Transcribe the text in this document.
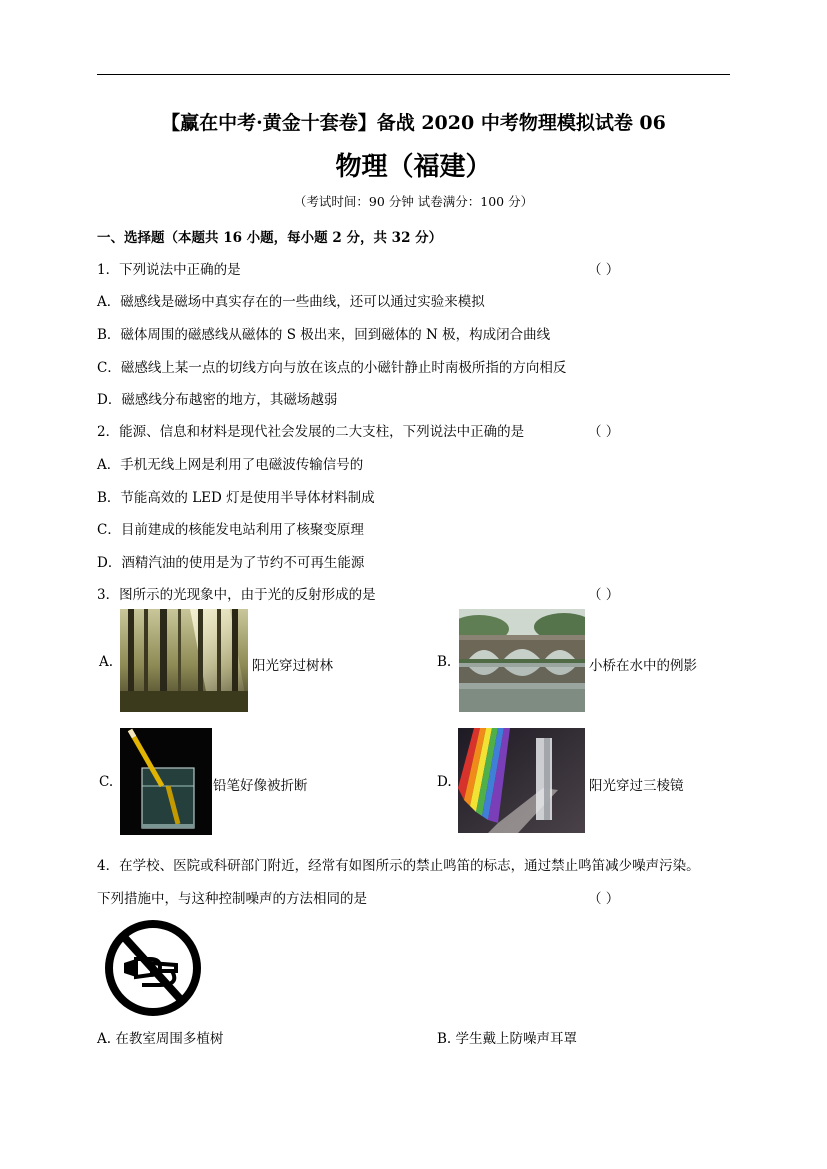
【赢在中考·黄金十套卷】备战 2020 中考物理模拟试卷 06
物理（福建）
（考试时间：90 分钟 试卷满分：100 分）
一、选择题（本题共 16 小题，每小题 2 分，共 32 分）
1．下列说法中正确的是	（ ）
A．磁感线是磁场中真实存在的一些曲线，还可以通过实验来模拟
B．磁体周围的磁感线从磁体的 S 极出来，回到磁体的 N 极，构成闭合曲线
C．磁感线上某一点的切线方向与放在该点的小磁针静止时南极所指的方向相反
D．磁感线分布越密的地方，其磁场越弱
2．能源、信息和材料是现代社会发展的二大支柱，下列说法中正确的是	（ ）
A．手机无线上网是利用了电磁波传输信号的
B．节能高效的 LED 灯是使用半导体材料制成
C．目前建成的核能发电站利用了核聚变原理
D．酒精汽油的使用是为了节约不可再生能源
3．图所示的光现象中，由于光的反射形成的是	（ ）
A.	阳光穿过树林	B.	小桥在水中的例影
C.	铅笔好像被折断	D.	阳光穿过三棱镜
4．在学校、医院或科研部门附近，经常有如图所示的禁止鸣笛的标志，通过禁止鸣笛减少噪声污染。
下列措施中，与这种控制噪声的方法相同的是	（ ）
A. 在教室周围多植树	B. 学生戴上防噪声耳罩
